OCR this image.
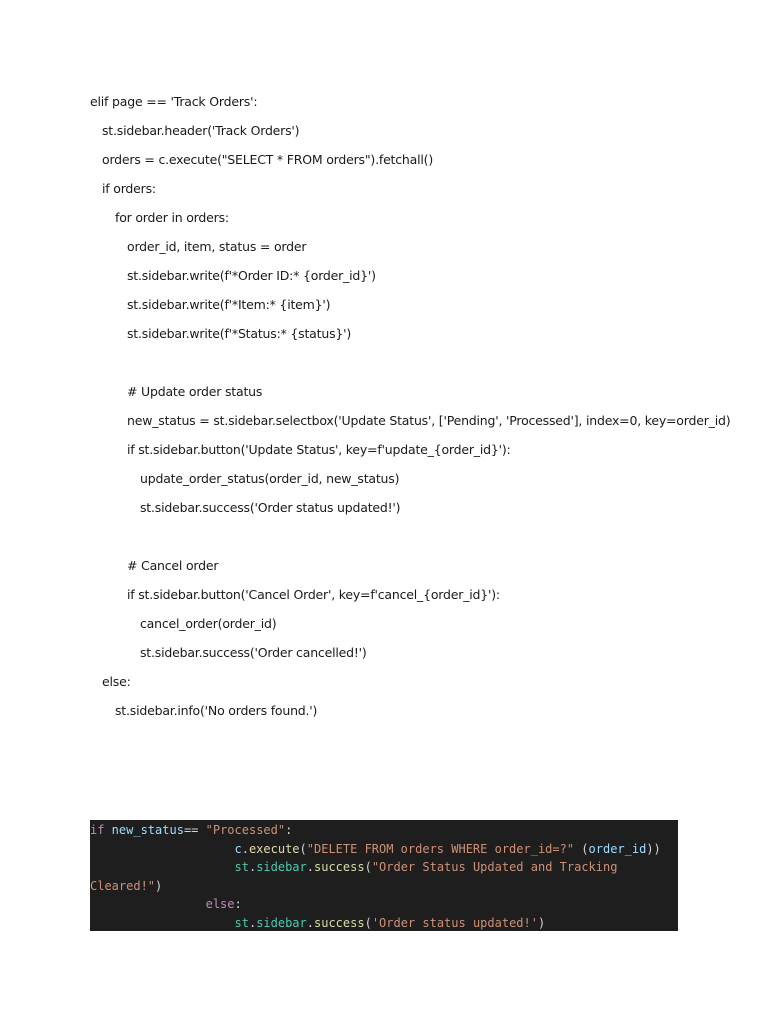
elif page == 'Track Orders':
st.sidebar.header('Track Orders')
orders = c.execute("SELECT * FROM orders").fetchall()
if orders:
for order in orders:
order_id, item, status = order
st.sidebar.write(f'*Order ID:* {order_id}')
st.sidebar.write(f'*Item:* {item}')
st.sidebar.write(f'*Status:* {status}')
# Update order status
new_status = st.sidebar.selectbox('Update Status', ['Pending', 'Processed'], index=0, key=order_id)
if st.sidebar.button('Update Status', key=f'update_{order_id}'):
update_order_status(order_id, new_status)
st.sidebar.success('Order status updated!')
# Cancel order
if st.sidebar.button('Cancel Order', key=f'cancel_{order_id}'):
cancel_order(order_id)
st.sidebar.success('Order cancelled!')
else:
st.sidebar.info('No orders found.')
if new_status== "Processed":
c.execute("DELETE FROM orders WHERE order_id=?" (order_id))
st.sidebar.success("Order Status Updated and Tracking
Cleared!")
else:
st.sidebar.success('Order status updated!')
